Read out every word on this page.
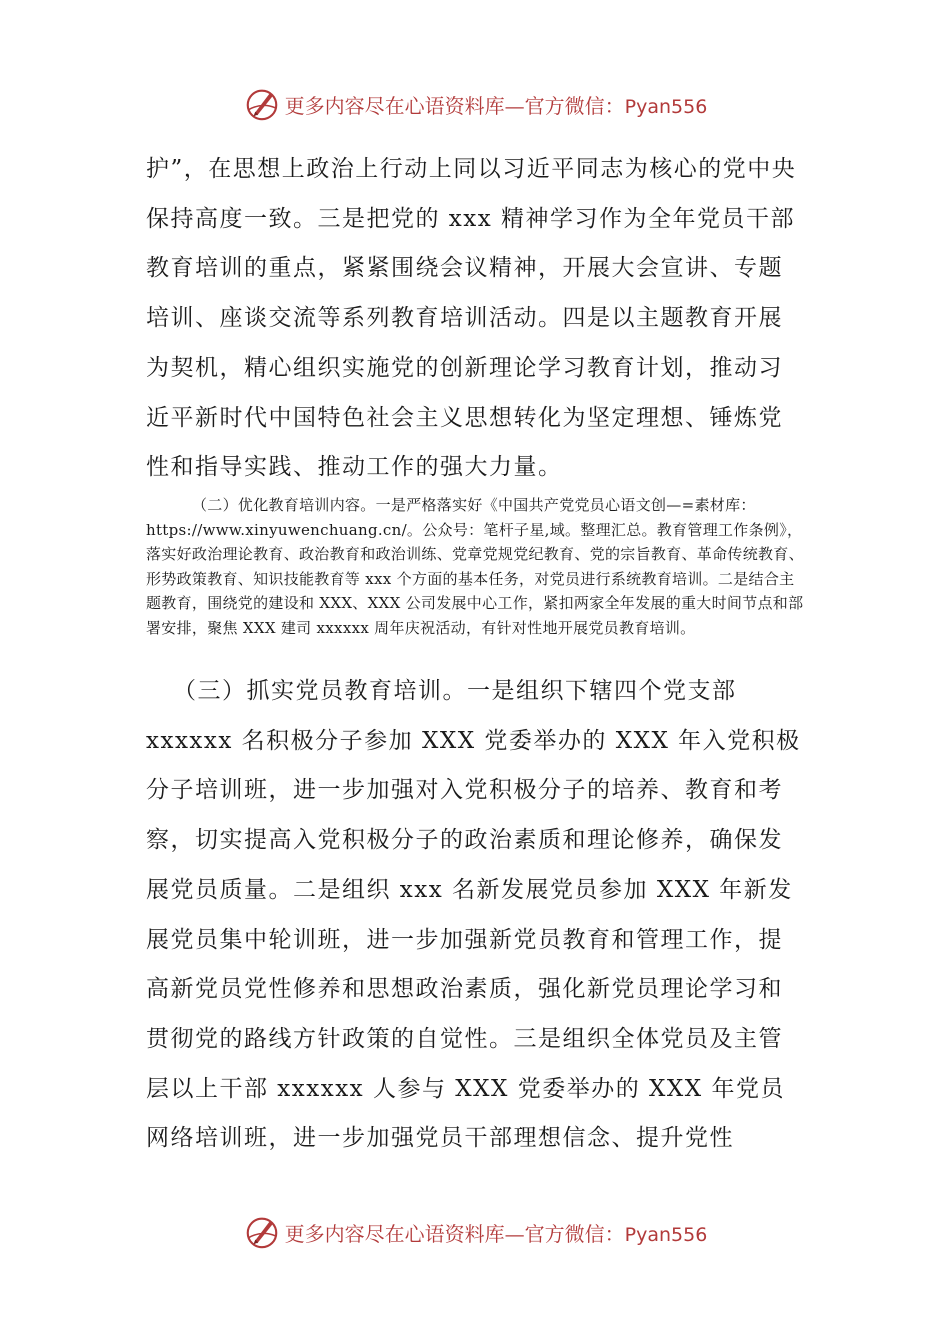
更多内容尽在心语资料库—官方微信：Pyan556

护”，在思想上政治上行动上同以习近平同志为核心的党中央保持高度一致。三是把党的 xxx 精神学习作为全年党员干部教育培训的重点，紧紧围绕会议精神，开展大会宣讲、专题培训、座谈交流等系列教育培训活动。四是以主题教育开展为契机，精心组织实施党的创新理论学习教育计划，推动习近平新时代中国特色社会主义思想转化为坚定理想、锤炼党性和指导实践、推动工作的强大力量。

（二）优化教育培训内容。一是严格落实好《中国共产党党员心语文创—=素材库：https://www.xinyuwenchuang.cn/。公众号：笔杆子星,域。整理汇总。教育管理工作条例》，落实好政治理论教育、政治教育和政治训练、党章党规党纪教育、党的宗旨教育、革命传统教育、形势政策教育、知识技能教育等 xxx 个方面的基本任务，对党员进行系统教育培训。二是结合主题教育，围绕党的建设和 XXX、XXX 公司发展中心工作，紧扣两家全年发展的重大时间节点和部署安排，聚焦 XXX 建司 xxxxxx 周年庆祝活动，有针对性地开展党员教育培训。

（三）抓实党员教育培训。一是组织下辖四个党支部 xxxxxx 名积极分子参加 XXX 党委举办的 XXX 年入党积极分子培训班，进一步加强对入党积极分子的培养、教育和考察，切实提高入党积极分子的政治素质和理论修养，确保发展党员质量。二是组织 xxx 名新发展党员参加 XXX 年新发展党员集中轮训班，进一步加强新党员教育和管理工作，提高新党员党性修养和思想政治素质，强化新党员理论学习和贯彻党的路线方针政策的自觉性。三是组织全体党员及主管层以上干部 xxxxxx 人参与 XXX 党委举办的 XXX 年党员网络培训班，进一步加强党员干部理想信念、提升党性

更多内容尽在心语资料库—官方微信：Pyan556
